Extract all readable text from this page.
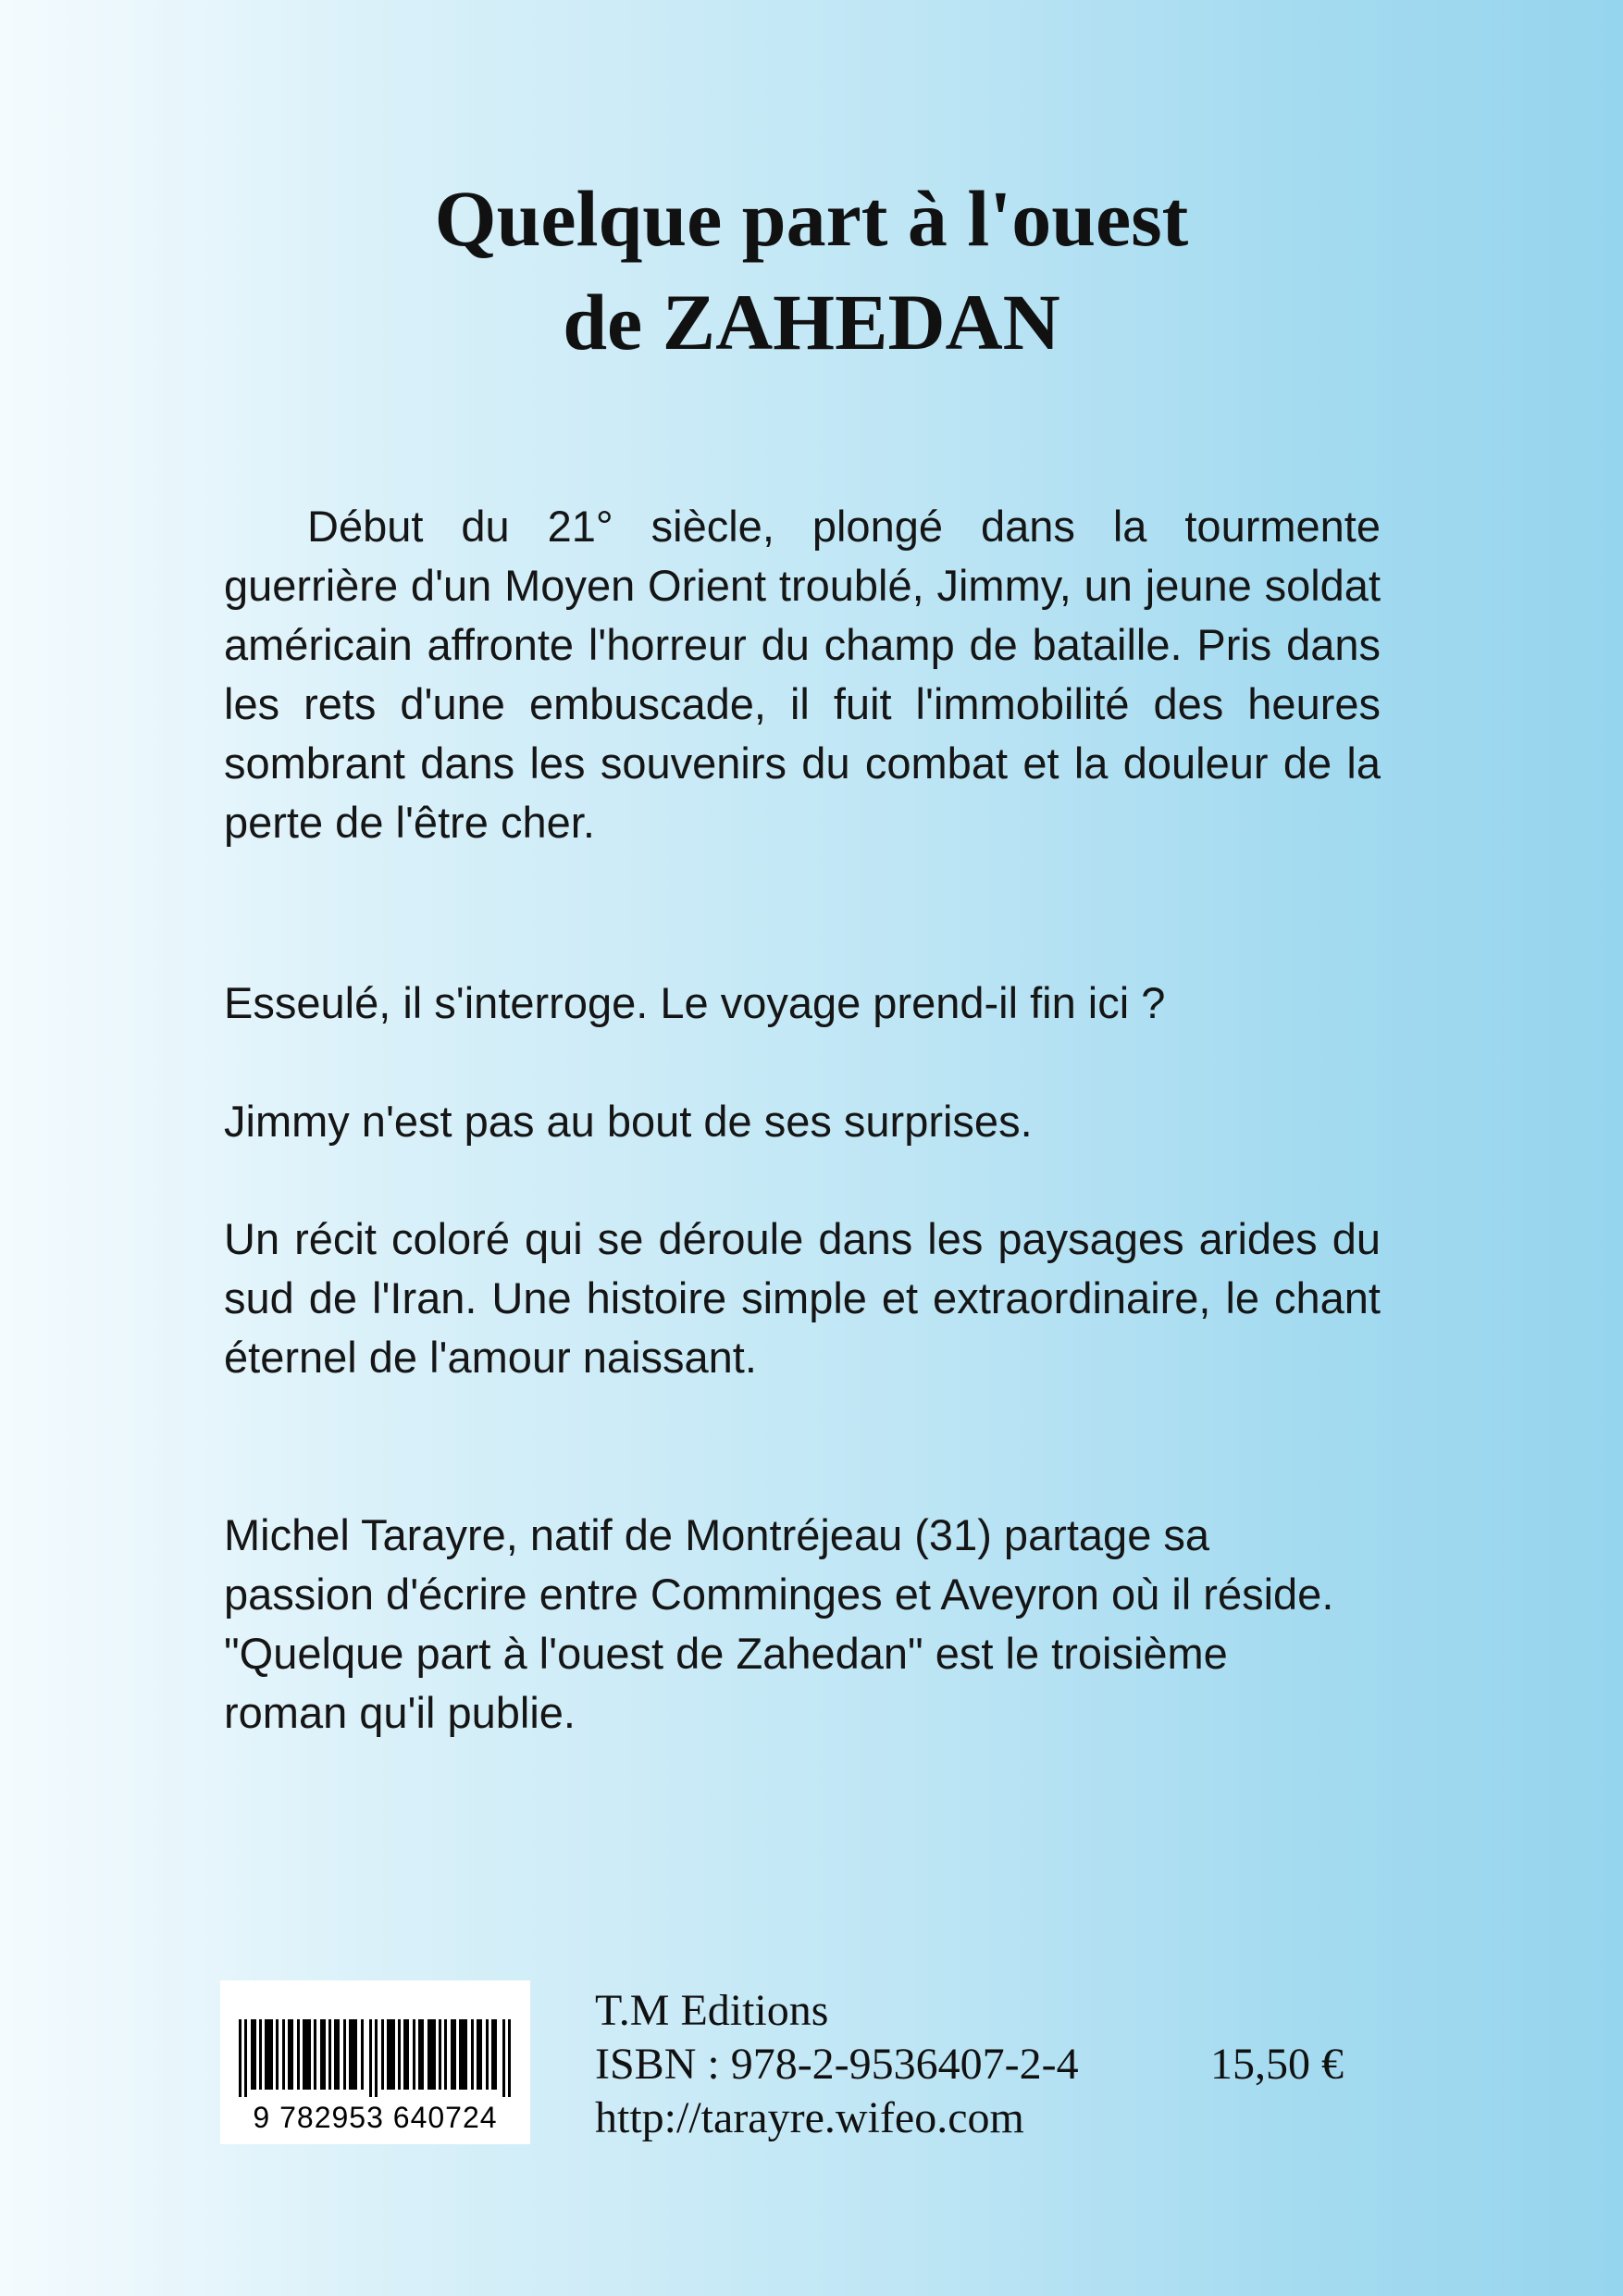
Quelque part à l'ouest
de ZAHEDAN
Début du 21° siècle, plongé dans la tourmente guerrière d'un Moyen Orient troublé, Jimmy, un jeune soldat américain affronte l'horreur du champ de bataille. Pris dans les rets d'une embuscade, il fuit l'immobilité des heures sombrant dans les souvenirs du combat et la douleur de la perte de l'être cher.
Esseulé, il s'interroge. Le voyage prend-il fin ici ?
Jimmy n'est pas au bout de ses surprises.
Un récit coloré qui se déroule dans les paysages arides du sud de l'Iran. Une histoire simple et extraordinaire, le chant éternel de l'amour naissant.
Michel Tarayre, natif de Montréjeau (31) partage sa passion d'écrire entre Comminges et Aveyron où il réside. "Quelque part à l'ouest de Zahedan" est le troisième roman qu'il publie.
9 782953 640724
T.M Editions
ISBN : 978-2-9536407-2-4
http://tarayre.wifeo.com
15,50 €
